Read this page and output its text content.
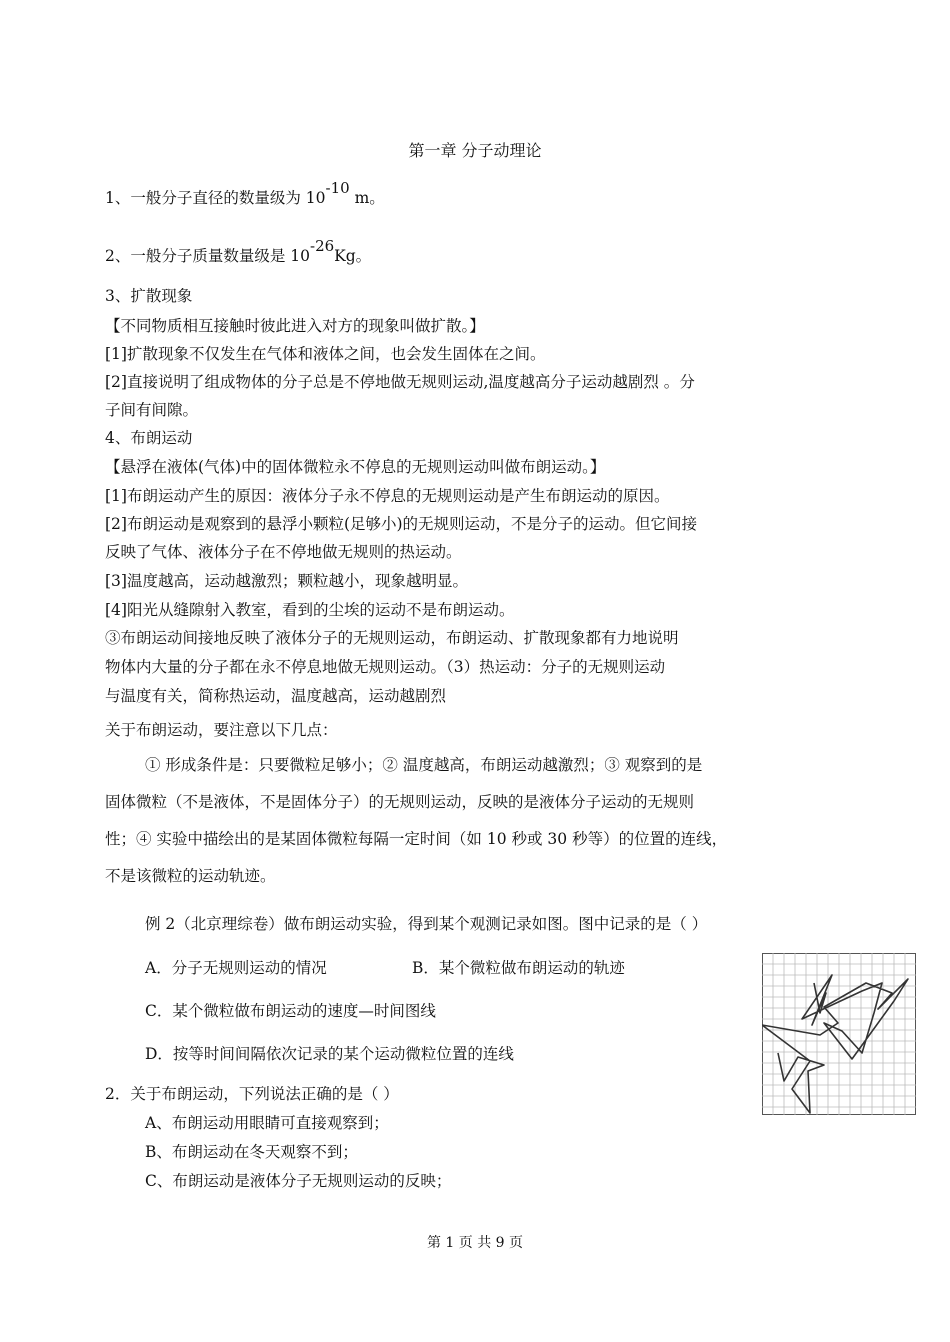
第一章 分子动理论
1、一般分子直径的数量级为 10-10 m。
2、一般分子质量数量级是 10-26Kg。
3、扩散现象
【不同物质相互接触时彼此进入对方的现象叫做扩散。】
[1]扩散现象不仅发生在气体和液体之间，也会发生固体在之间。
[2]直接说明了组成物体的分子总是不停地做无规则运动,温度越高分子运动越剧烈 。分
子间有间隙。
4、布朗运动
【悬浮在液体(气体)中的固体微粒永不停息的无规则运动叫做布朗运动。】
[1]布朗运动产生的原因：液体分子永不停息的无规则运动是产生布朗运动的原因。
[2]布朗运动是观察到的悬浮小颗粒(足够小)的无规则运动，不是分子的运动。但它间接
反映了气体、液体分子在不停地做无规则的热运动。
[3]温度越高，运动越激烈；颗粒越小，现象越明显。
[4]阳光从缝隙射入教室，看到的尘埃的运动不是布朗运动。
③布朗运动间接地反映了液体分子的无规则运动，布朗运动、扩散现象都有力地说明
物体内大量的分子都在永不停息地做无规则运动。（3）热运动：分子的无规则运动
与温度有关，简称热运动，温度越高，运动越剧烈
关于布朗运动，要注意以下几点：
① 形成条件是：只要微粒足够小；② 温度越高，布朗运动越激烈；③ 观察到的是
固体微粒（不是液体，不是固体分子）的无规则运动，反映的是液体分子运动的无规则
性；④ 实验中描绘出的是某固体微粒每隔一定时间（如 10 秒或 30 秒等）的位置的连线，
不是该微粒的运动轨迹。
例 2（北京理综卷）做布朗运动实验，得到某个观测记录如图。图中记录的是（ ）
A．分子无规则运动的情况	B．某个微粒做布朗运动的轨迹
C．某个微粒做布朗运动的速度—时间图线
D．按等时间间隔依次记录的某个运动微粒位置的连线
2．关于布朗运动，下列说法正确的是（ ）
A、布朗运动用眼睛可直接观察到；
B、布朗运动在冬天观察不到；
C、布朗运动是液体分子无规则运动的反映；
第 1 页 共 9 页
